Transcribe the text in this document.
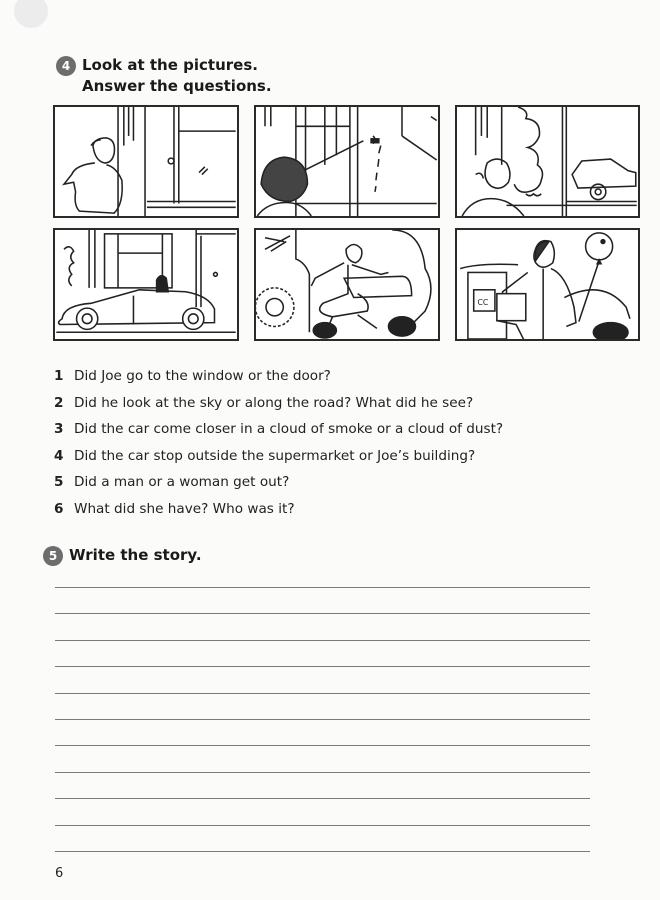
4 Look at the pictures.
Answer the questions.
CC
1 Did Joe go to the window or the door?
2 Did he look at the sky or along the road? What did he see?
3 Did the car come closer in a cloud of smoke or a cloud of dust?
4 Did the car stop outside the supermarket or Joe’s building?
5 Did a man or a woman get out?
6 What did she have? Who was it?
5 Write the story.
6
